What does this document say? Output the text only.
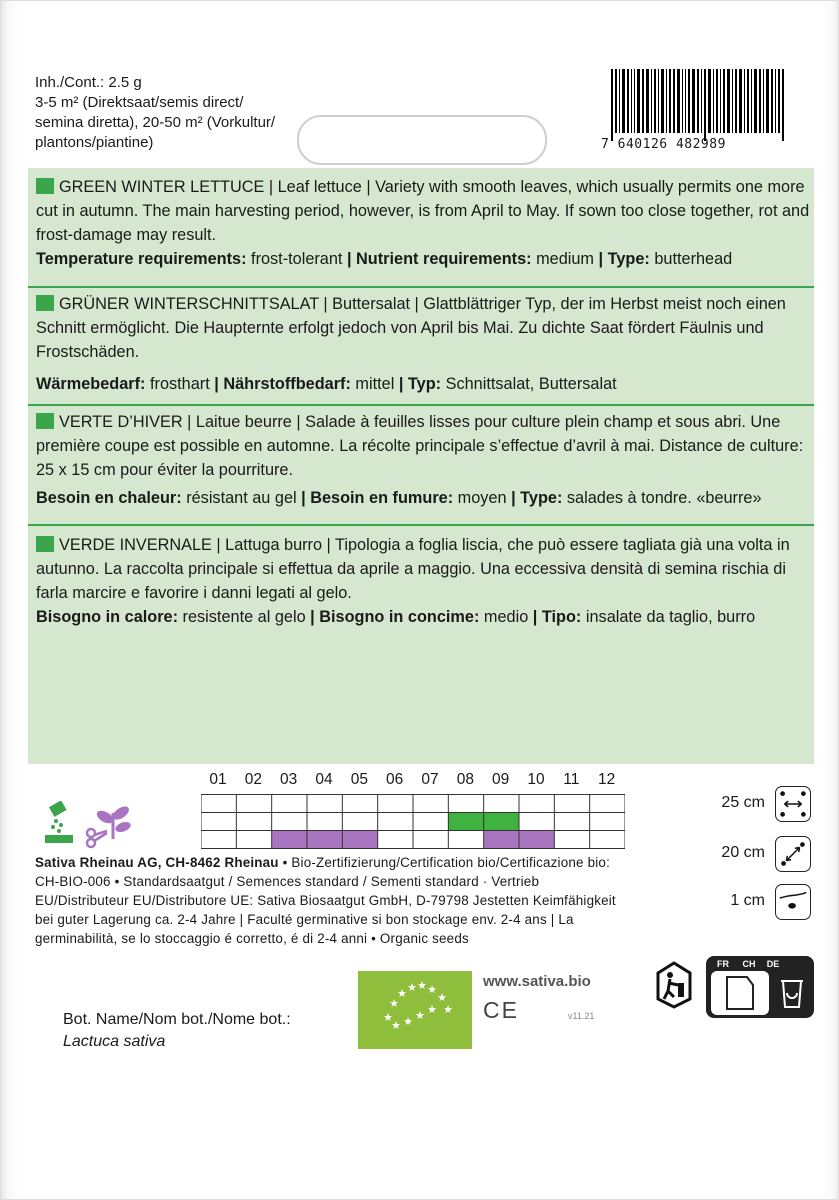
Inh./Cont.: 2.5 g
3-5 m² (Direktsaat/semis direct/
semina diretta), 20-50 m² (Vorkultur/
plantons/piantine)	7 640126 482989
GREEN WINTER LETTUCE | Leaf lettuce | Variety with smooth leaves, which usually permits one more cut in autumn. The main harvesting period, however, is from April to May. If sown too close together, rot and frost-damage may result.
Temperature requirements: frost-tolerant | Nutrient requirements: medium | Type: butterhead
GRÜNER WINTERSCHNITTSALAT | Buttersalat | Glattblättriger Typ, der im Herbst meist noch einen Schnitt ermöglicht. Die Haupternte erfolgt jedoch von April bis Mai. Zu dichte Saat fördert Fäulnis und Frostschäden.

Wärmebedarf: frosthart | Nährstoffbedarf: mittel | Typ: Schnittsalat, Buttersalat
VERTE D’HIVER | Laitue beurre | Salade à feuilles lisses pour culture plein champ et sous abri. Une première coupe est possible en automne. La récolte principale s’effectue d’avril à mai. Distance de culture: 25 x 15 cm pour éviter la pourriture.

Besoin en chaleur: résistant au gel | Besoin en fumure: moyen | Type: salades à tondre. «beurre»
VERDE INVERNALE | Lattuga burro | Tipologia a foglia liscia, che può essere tagliata già una volta in autunno. La raccolta principale si effettua da aprile a maggio. Una eccessiva densità di semina rischia di farla marcire e favorire i danni legati al gelo.
Bisogno in calore: resistente al gelo | Bisogno in concime: medio | Tipo: insalate da taglio, burro
01	02	03	04	05	06	07	08	09	10	11	12
25 cm
20 cm
1 cm
Sativa Rheinau AG, CH-8462 Rheinau • Bio-Zertifizierung/Certification bio/Certificazione bio: CH-BIO-006 • Standardsaatgut / Semences standard / Sementi standard · Vertrieb EU/Distributeur EU/Distributore UE: Sativa Biosaatgut GmbH, D-79798 Jestetten Keimfähigkeit bei guter Lagerung ca. 2-4 Jahre | Faculté germinative si bon stockage env. 2-4 ans | La germinabilità, se lo stoccaggio é corretto, é di 2-4 anni • Organic seeds
★
★
★ ★ ★ ★
★
★
★ ★ ★ ★
www.sativa.bio
CE	v11.21
Bot. Name/Nom bot./Nome bot.:
Lactuca sativa
FR CH DE
